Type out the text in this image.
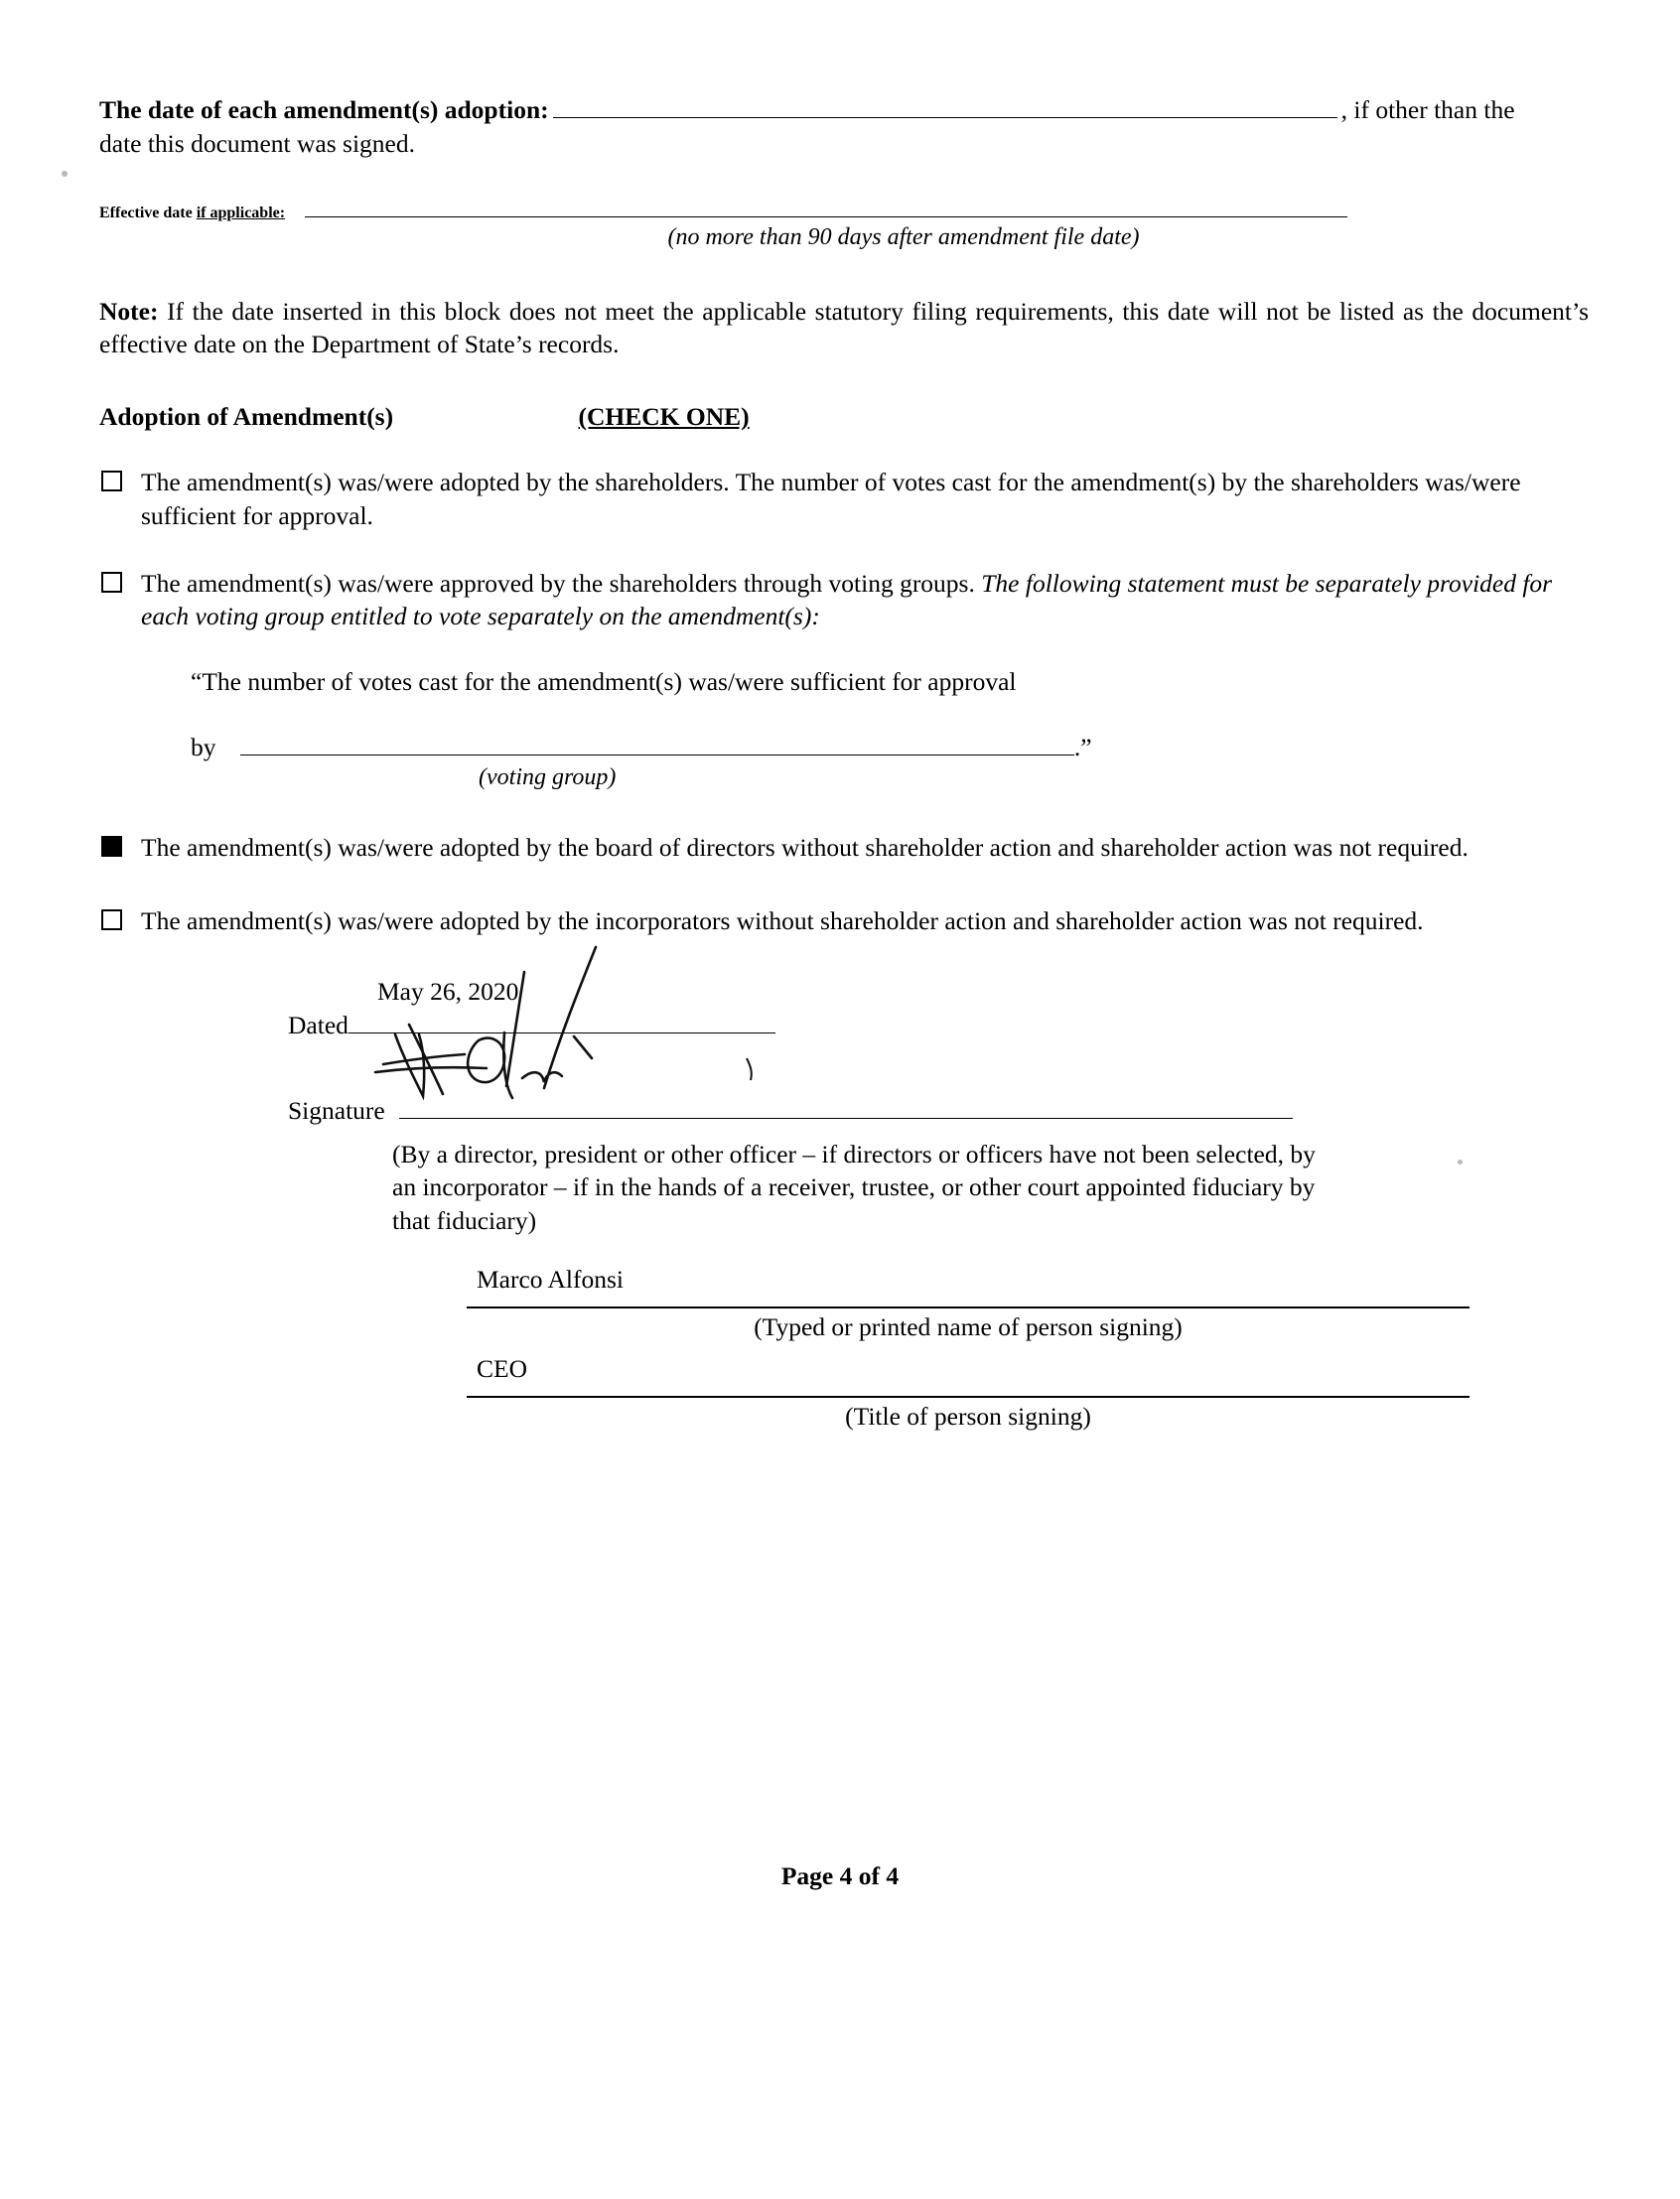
The date of each amendment(s) adoption:	, if other than the
date this document was signed.
Effective date if applicable:
(no more than 90 days after amendment file date)
Note: If the date inserted in this block does not meet the applicable statutory filing requirements, this date will not be listed as the document’s effective date on the Department of State’s records.
Adoption of Amendment(s)	(CHECK ONE)
The amendment(s) was/were adopted by the shareholders. The number of votes cast for the amendment(s) by the shareholders was/were sufficient for approval.
The amendment(s) was/were approved by the shareholders through voting groups. The following statement must be separately provided for each voting group entitled to vote separately on the amendment(s):
“The number of votes cast for the amendment(s) was/were sufficient for approval
by	.”
(voting group)
The amendment(s) was/were adopted by the board of directors without shareholder action and shareholder action was not required.
The amendment(s) was/were adopted by the incorporators without shareholder action and shareholder action was not required.
May 26, 2020
Dated
Signature
(By a director, president or other officer – if directors or officers have not been selected, by an incorporator – if in the hands of a receiver, trustee, or other court appointed fiduciary by that fiduciary)
Marco Alfonsi
(Typed or printed name of person signing)
CEO
(Title of person signing)
Page 4 of 4
